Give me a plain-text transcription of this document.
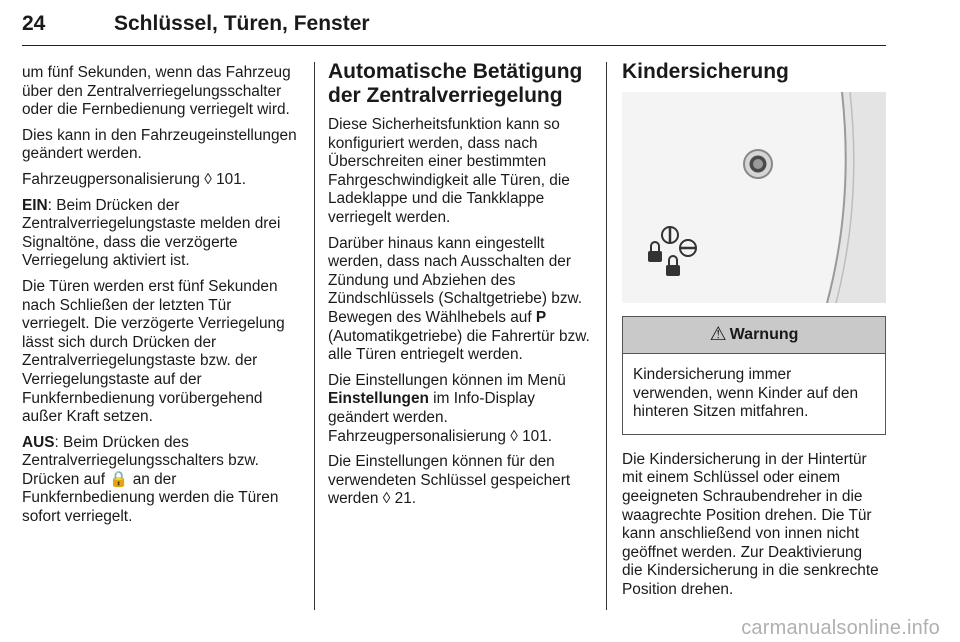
24	Schlüssel, Türen, Fenster

um fünf Sekunden, wenn das Fahrzeug über den Zentralverriegelungsschalter oder die Fernbedienung verriegelt wird.

Dies kann in den Fahrzeugeinstellungen geändert werden.

Fahrzeugpersonalisierung ◊ 101.

EIN: Beim Drücken der Zentralverriegelungstaste melden drei Signaltöne, dass die verzögerte Verriegelung aktiviert ist.

Die Türen werden erst fünf Sekunden nach Schließen der letzten Tür verriegelt. Die verzögerte Verriegelung lässt sich durch Drücken der Zentralverriegelungstaste bzw. der Verriegelungstaste auf der Funkfernbedienung vorübergehend außer Kraft setzen.

AUS: Beim Drücken des Zentralverriegelungsschalters bzw. Drücken auf 🔒 an der Funkfernbedienung werden die Türen sofort verriegelt.

Automatische Betätigung der Zentralverriegelung

Diese Sicherheitsfunktion kann so konfiguriert werden, dass nach Überschreiten einer bestimmten Fahrgeschwindigkeit alle Türen, die Ladeklappe und die Tankklappe verriegelt werden.

Darüber hinaus kann eingestellt werden, dass nach Ausschalten der Zündung und Abziehen des Zündschlüssels (Schaltgetriebe) bzw. Bewegen des Wählhebels auf P (Automatikgetriebe) die Fahrertür bzw. alle Türen entriegelt werden.

Die Einstellungen können im Menü Einstellungen im Info-Display geändert werden. Fahrzeugpersonalisierung ◊ 101.

Die Einstellungen können für den verwendeten Schlüssel gespeichert werden ◊ 21.

Kindersicherung
⚠ Warnung
Kindersicherung immer verwenden, wenn Kinder auf den hinteren Sitzen mitfahren.

Die Kindersicherung in der Hintertür mit einem Schlüssel oder einem geeigneten Schraubendreher in die waagrechte Position drehen. Die Tür kann anschließend von innen nicht geöffnet werden. Zur Deaktivierung die Kindersicherung in die senkrechte Position drehen.

carmanualsonline.info
